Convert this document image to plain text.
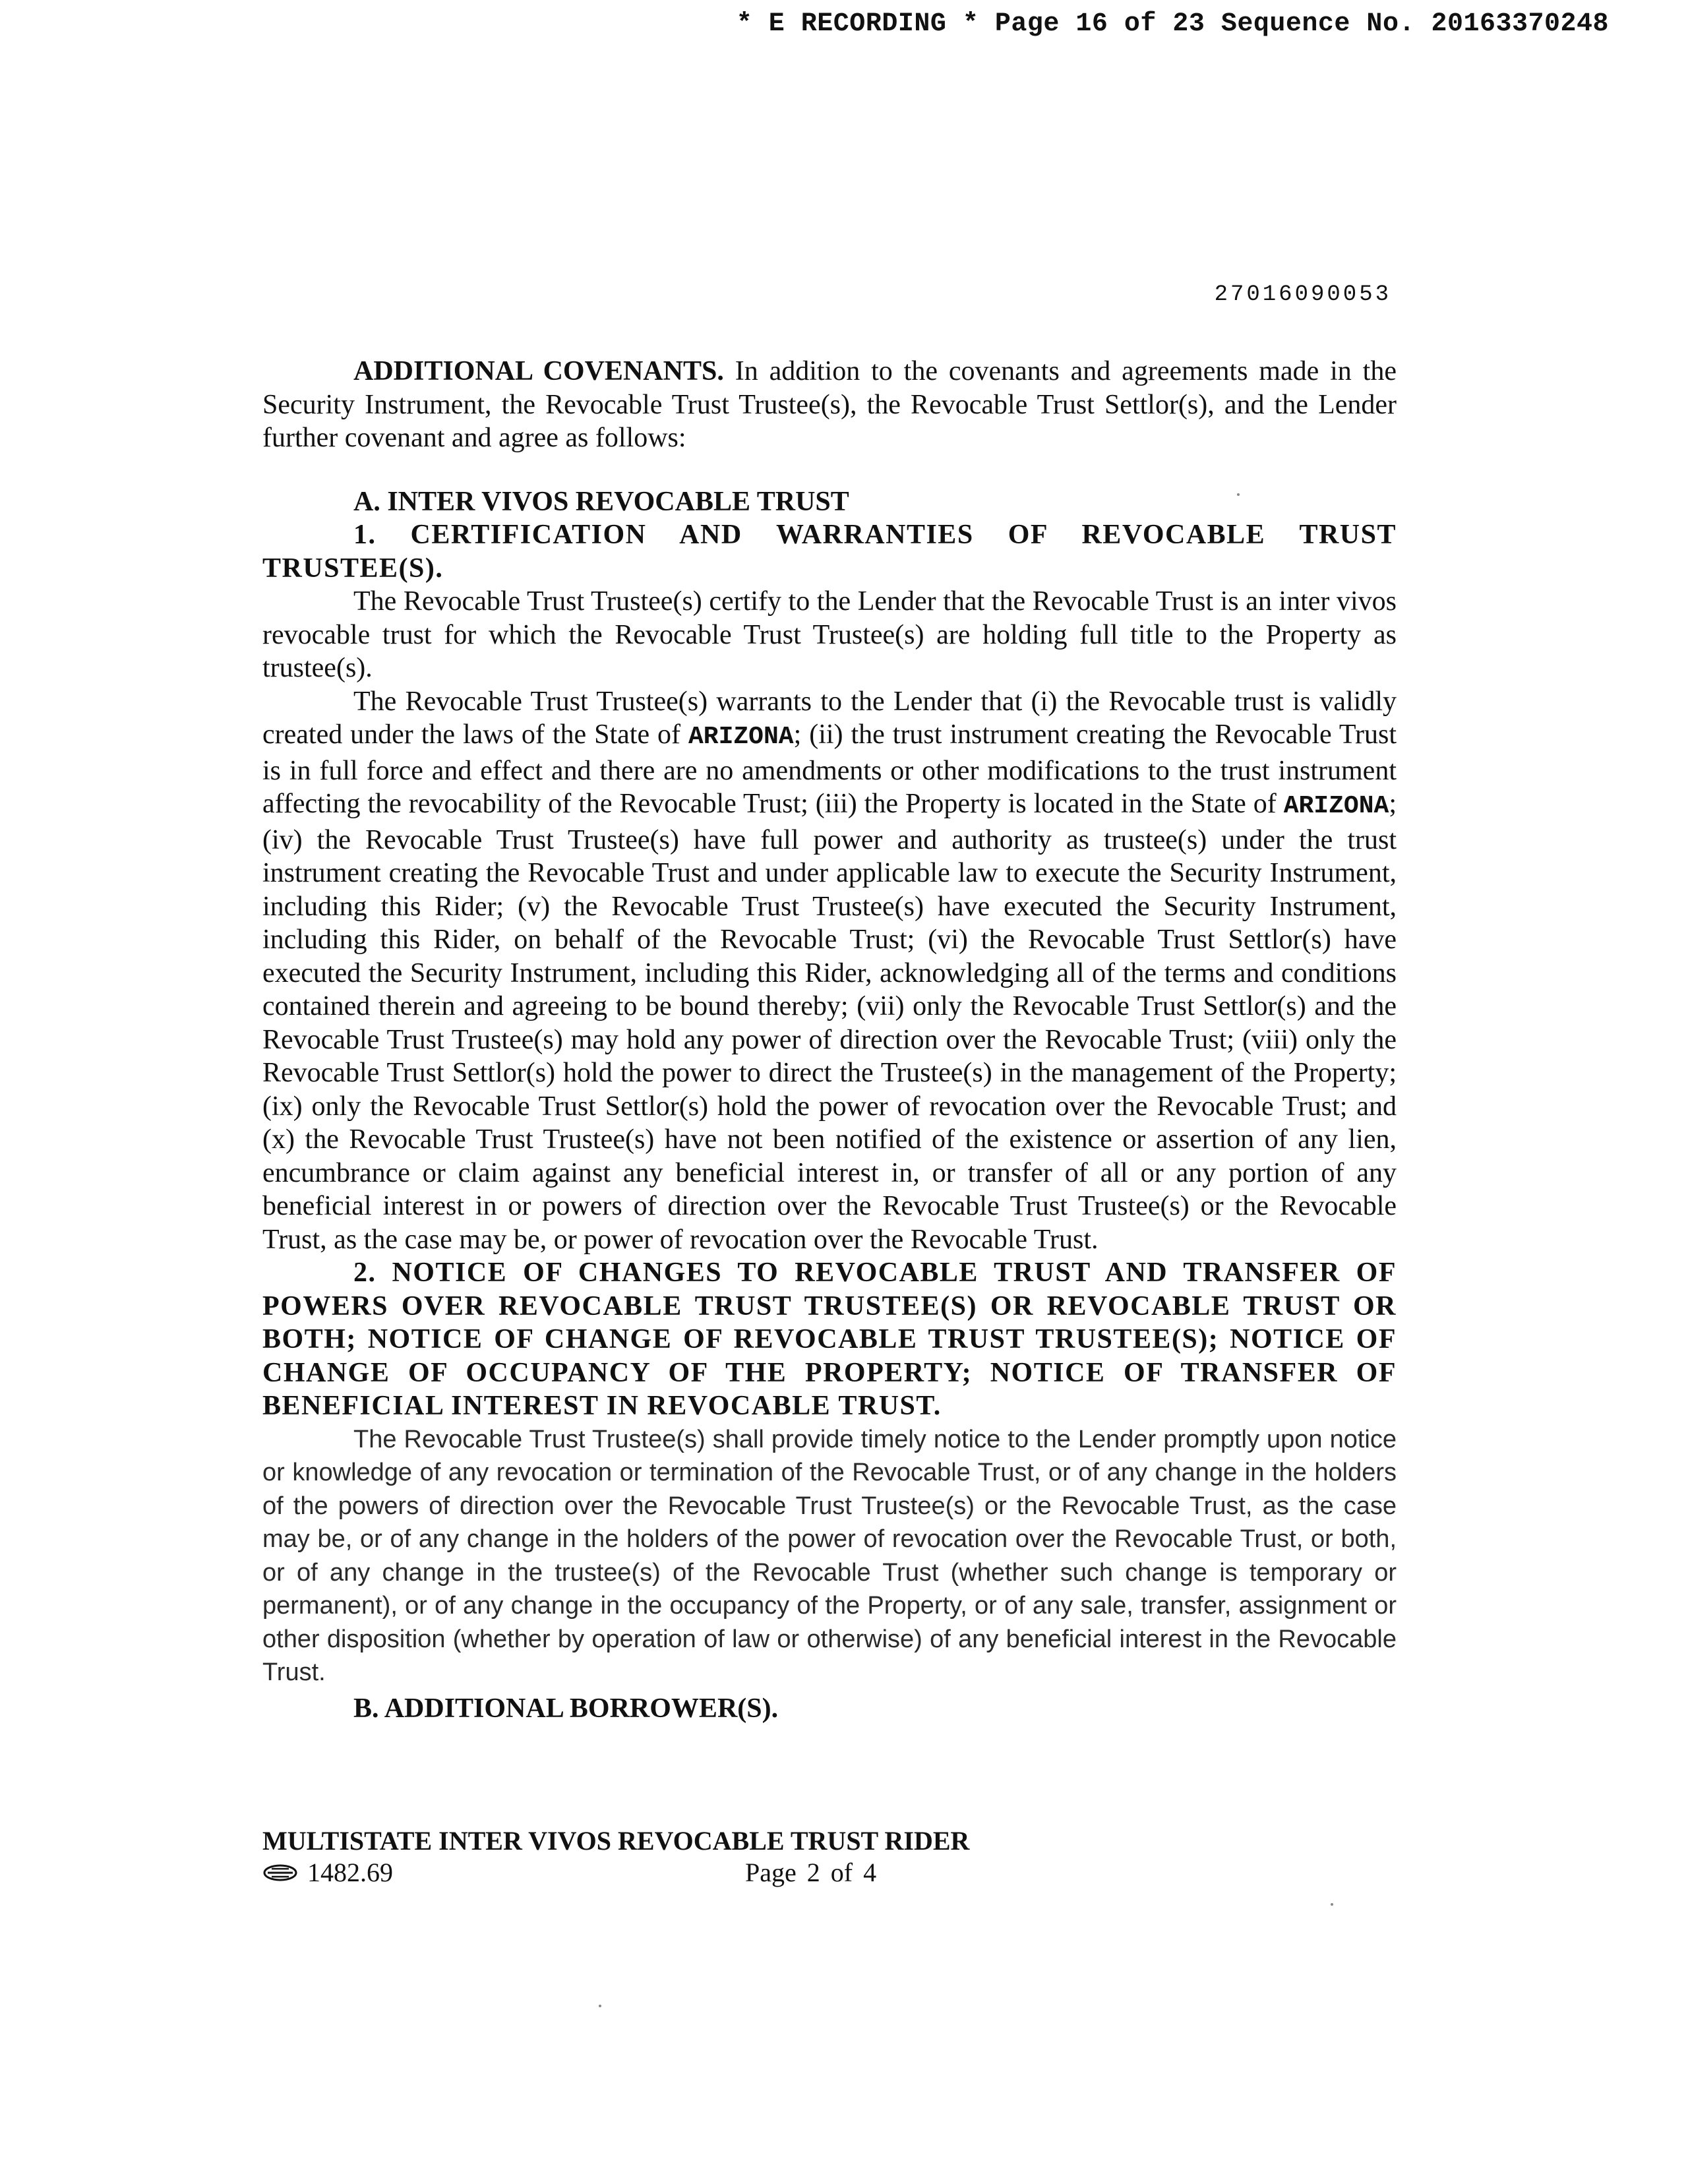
* E RECORDING * Page 16 of 23 Sequence No. 20163370248
27016090053

ADDITIONAL COVENANTS. In addition to the covenants and agreements made in the Security Instrument, the Revocable Trust Trustee(s), the Revocable Trust Settlor(s), and the Lender further covenant and agree as follows:

A. INTER VIVOS REVOCABLE TRUST

1. CERTIFICATION AND WARRANTIES OF REVOCABLE TRUST TRUSTEE(S).

The Revocable Trust Trustee(s) certify to the Lender that the Revocable Trust is an inter vivos revocable trust for which the Revocable Trust Trustee(s) are holding full title to the Property as trustee(s).

The Revocable Trust Trustee(s) warrants to the Lender that (i) the Revocable trust is validly created under the laws of the State of ARIZONA; (ii) the trust instrument creating the Revocable Trust is in full force and effect and there are no amendments or other modifications to the trust instrument affecting the revocability of the Revocable Trust; (iii) the Property is located in the State of ARIZONA; (iv) the Revocable Trust Trustee(s) have full power and authority as trustee(s) under the trust instrument creating the Revocable Trust and under applicable law to execute the Security Instrument, including this Rider; (v) the Revocable Trust Trustee(s) have executed the Security Instrument, including this Rider, on behalf of the Revocable Trust; (vi) the Revocable Trust Settlor(s) have executed the Security Instrument, including this Rider, acknowledging all of the terms and conditions contained therein and agreeing to be bound thereby; (vii) only the Revocable Trust Settlor(s) and the Revocable Trust Trustee(s) may hold any power of direction over the Revocable Trust; (viii) only the Revocable Trust Settlor(s) hold the power to direct the Trustee(s) in the management of the Property; (ix) only the Revocable Trust Settlor(s) hold the power of revocation over the Revocable Trust; and (x) the Revocable Trust Trustee(s) have not been notified of the existence or assertion of any lien, encumbrance or claim against any beneficial interest in, or transfer of all or any portion of any beneficial interest in or powers of direction over the Revocable Trust Trustee(s) or the Revocable Trust, as the case may be, or power of revocation over the Revocable Trust.

2. NOTICE OF CHANGES TO REVOCABLE TRUST AND TRANSFER OF POWERS OVER REVOCABLE TRUST TRUSTEE(S) OR REVOCABLE TRUST OR BOTH; NOTICE OF CHANGE OF REVOCABLE TRUST TRUSTEE(S); NOTICE OF CHANGE OF OCCUPANCY OF THE PROPERTY; NOTICE OF TRANSFER OF BENEFICIAL INTEREST IN REVOCABLE TRUST.

The Revocable Trust Trustee(s) shall provide timely notice to the Lender promptly upon notice or knowledge of any revocation or termination of the Revocable Trust, or of any change in the holders of the powers of direction over the Revocable Trust Trustee(s) or the Revocable Trust, as the case may be, or of any change in the holders of the power of revocation over the Revocable Trust, or both, or of any change in the trustee(s) of the Revocable Trust (whether such change is temporary or permanent), or of any change in the occupancy of the Property, or of any sale, transfer, assignment or other disposition (whether by operation of law or otherwise) of any beneficial interest in the Revocable Trust.

B. ADDITIONAL BORROWER(S).

MULTISTATE INTER VIVOS REVOCABLE TRUST RIDER
1482.69	Page 2 of 4
